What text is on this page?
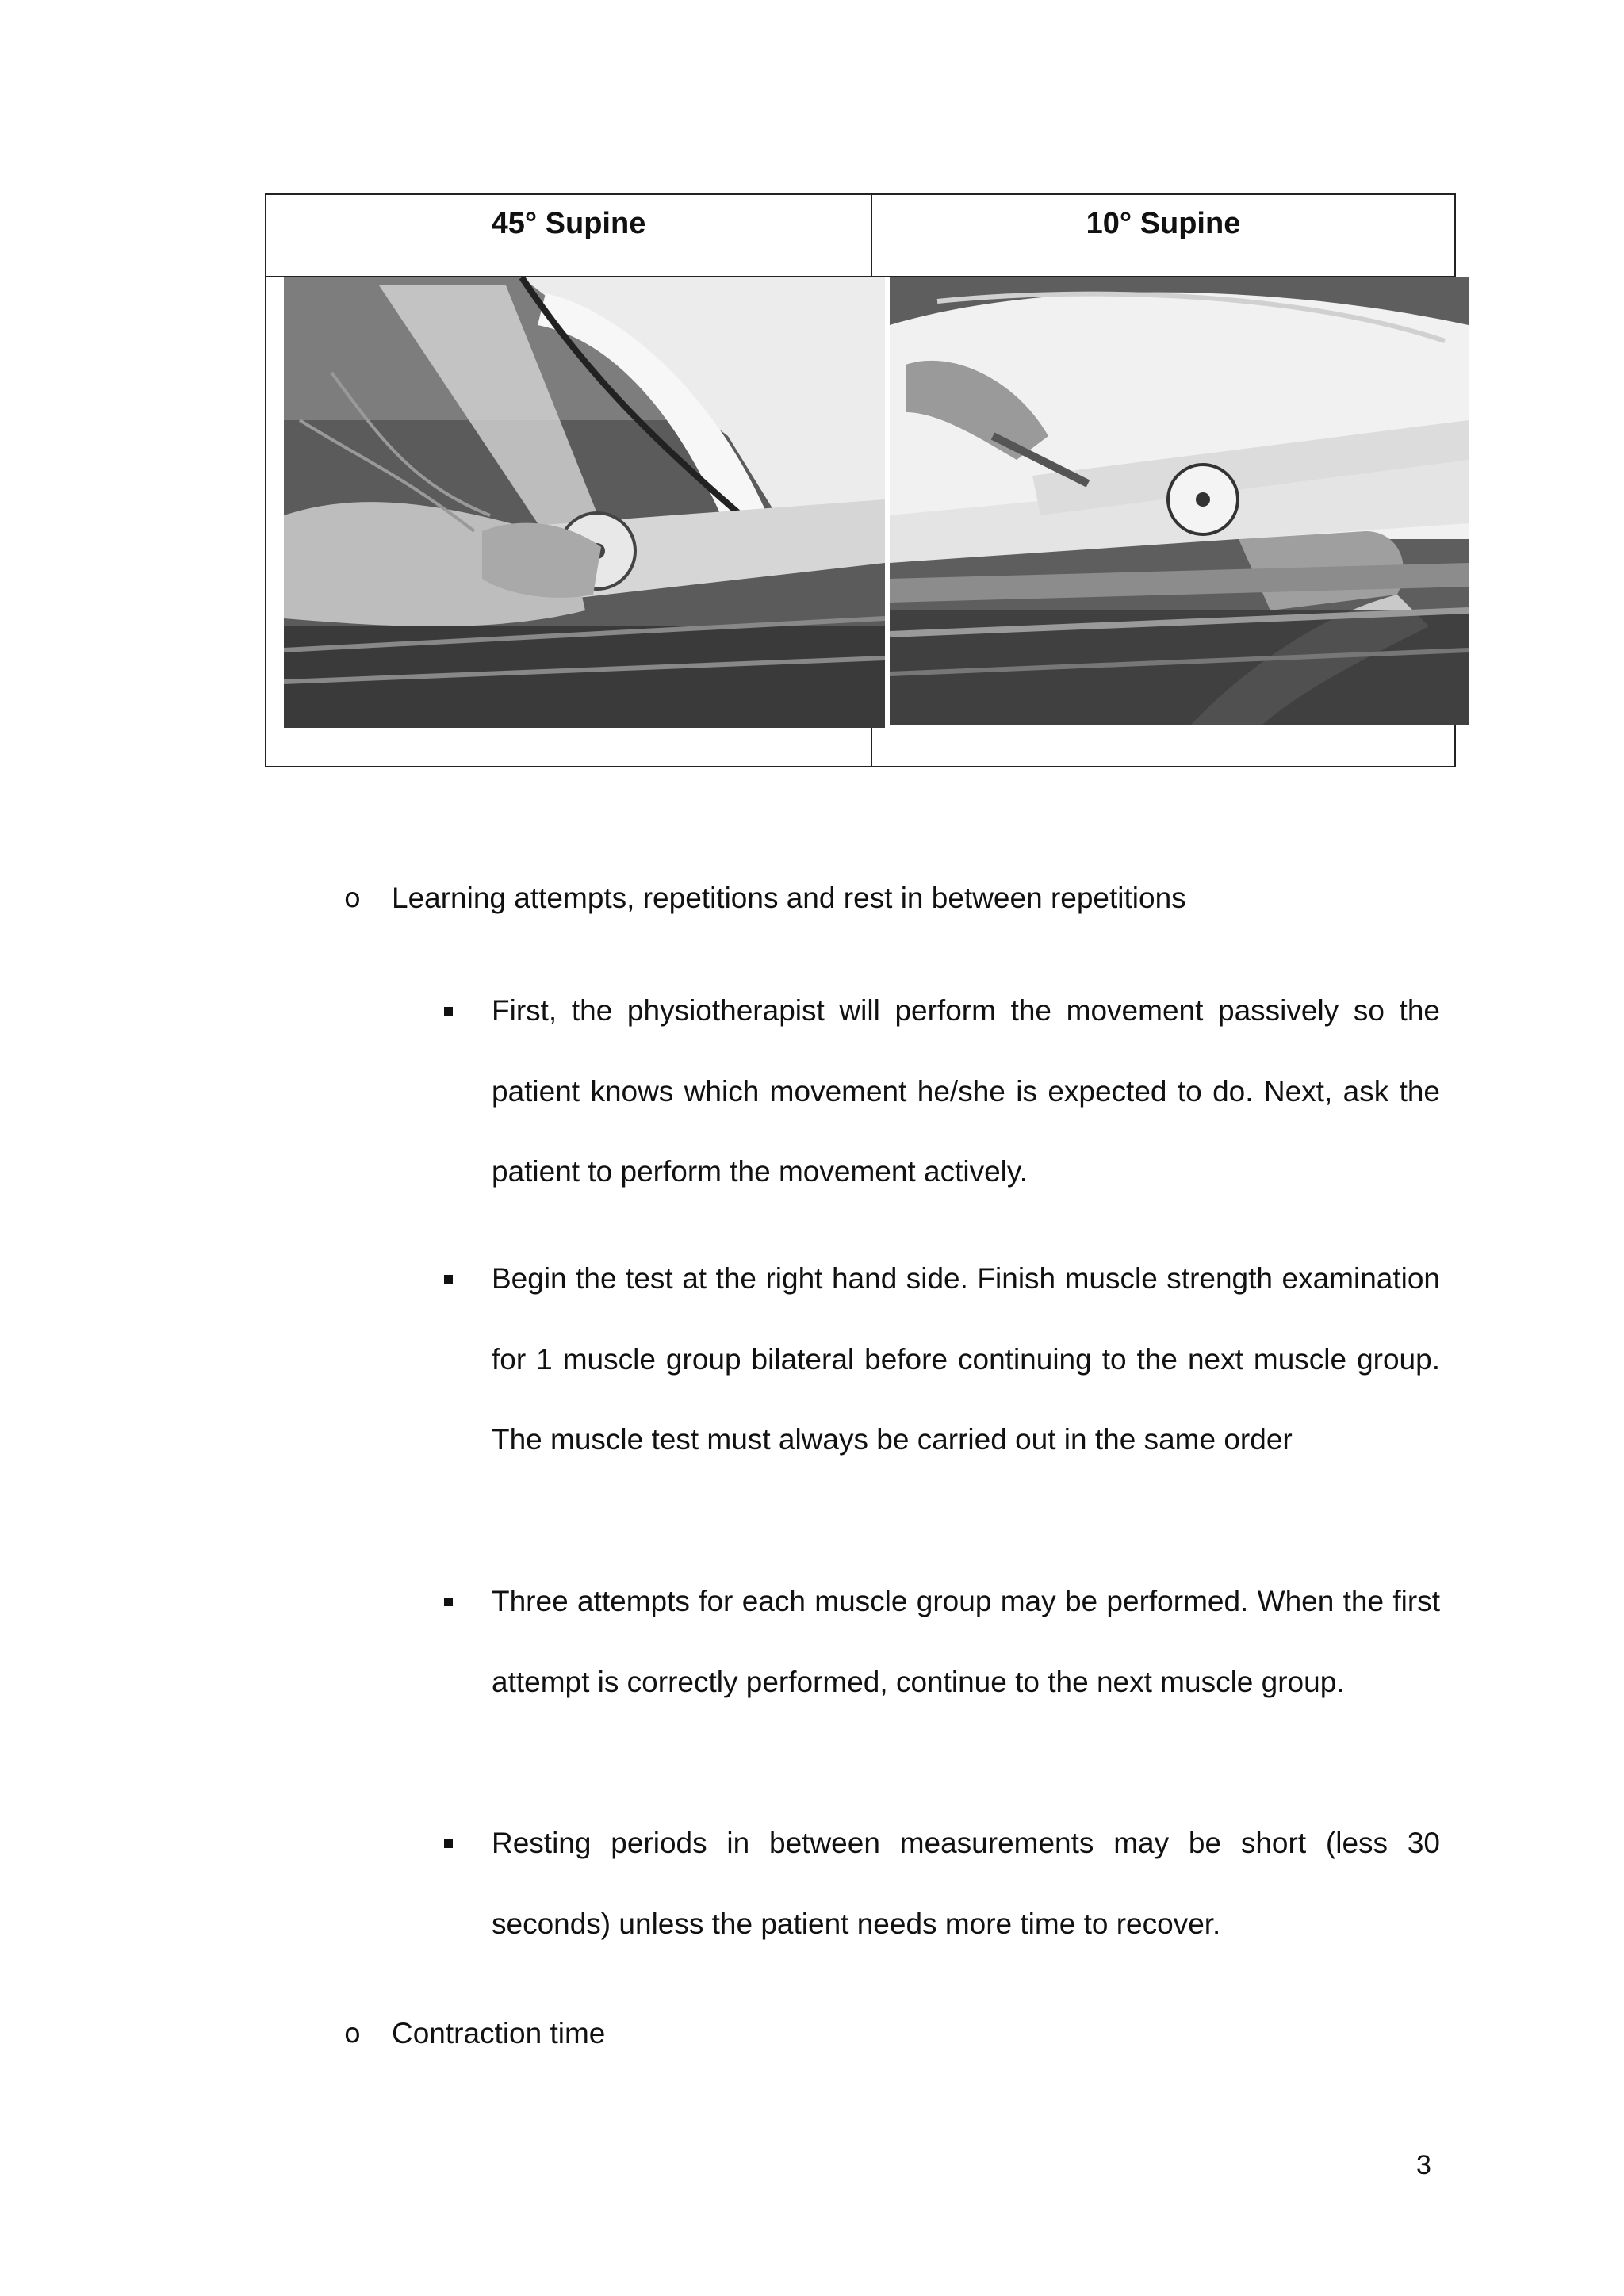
45° Supine	10° Supine
o Learning attempts, repetitions and rest in between repetitions
First, the physiotherapist will perform the movement passively so the patient knows which movement he/she is expected to do. Next, ask the patient to perform the movement actively.
Begin the test at the right hand side. Finish muscle strength examination for 1 muscle group bilateral before continuing to the next muscle group. The muscle test must always be carried out in the same order
Three attempts for each muscle group may be performed. When the first attempt is correctly performed, continue to the next muscle group.
Resting periods in between measurements may be short (less 30 seconds) unless the patient needs more time to recover.
o Contraction time
3
